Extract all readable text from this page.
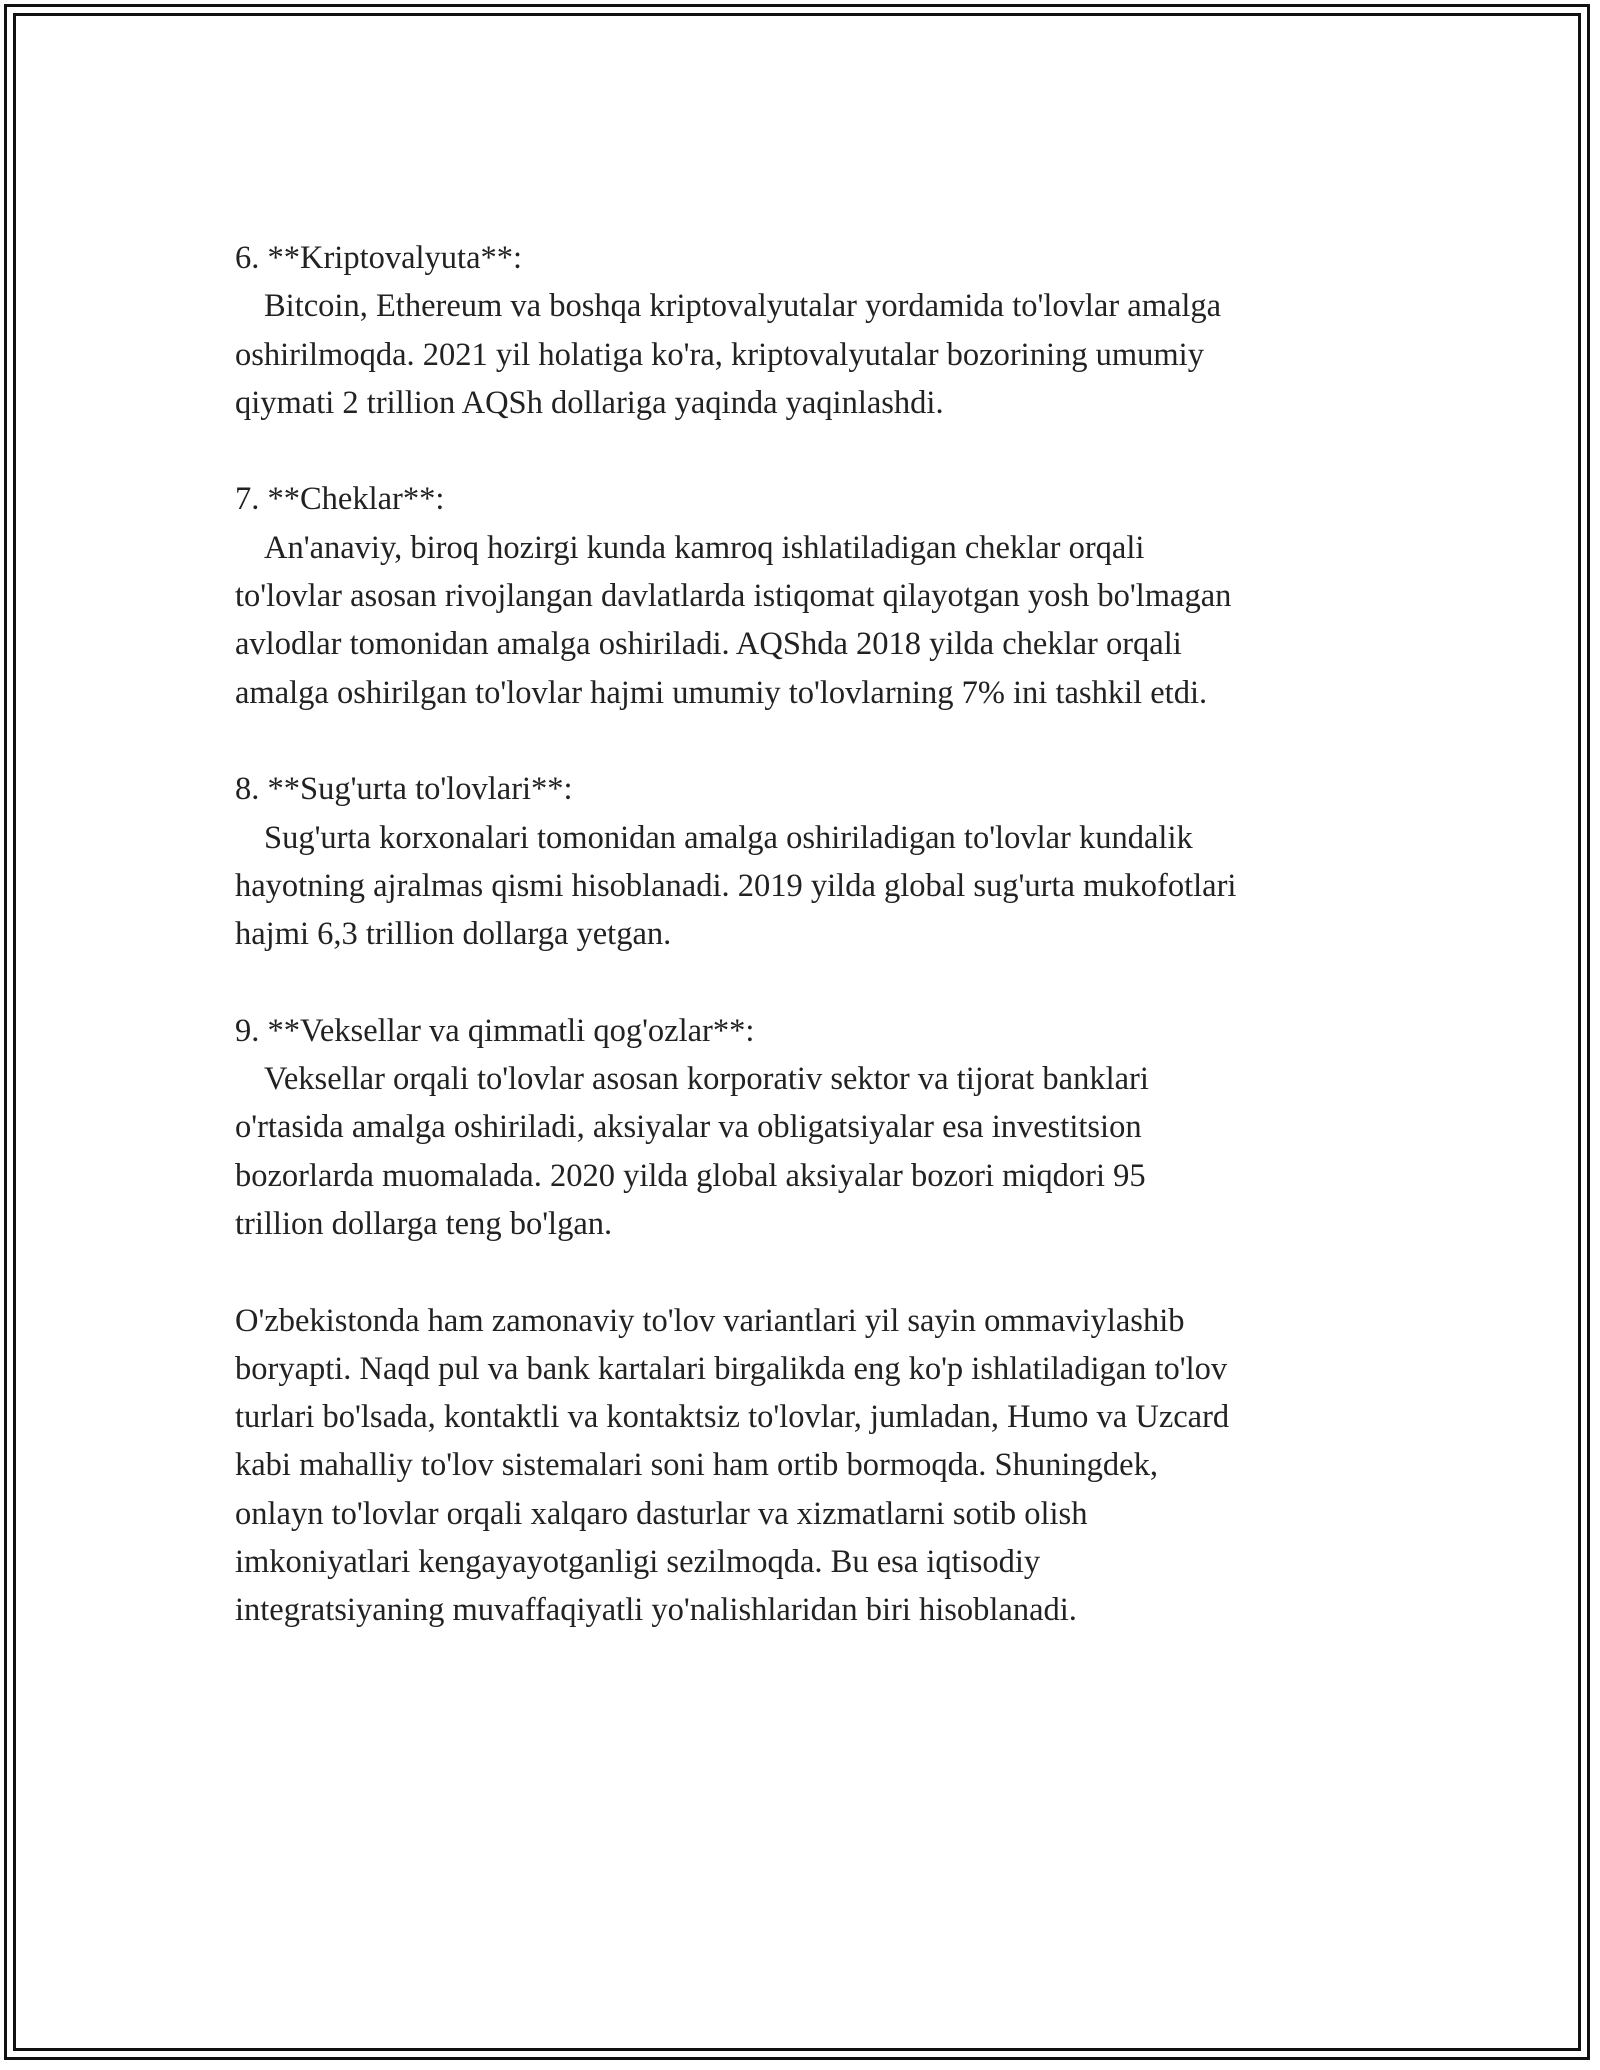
6. **Kriptovalyuta**:
Bitcoin, Ethereum va boshqa kriptovalyutalar yordamida to'lovlar amalga
oshirilmoqda. 2021 yil holatiga ko'ra, kriptovalyutalar bozorining umumiy
qiymati 2 trillion AQSh dollariga yaqinda yaqinlashdi.
7. **Cheklar**:
An'anaviy, biroq hozirgi kunda kamroq ishlatiladigan cheklar orqali
to'lovlar asosan rivojlangan davlatlarda istiqomat qilayotgan yosh bo'lmagan
avlodlar tomonidan amalga oshiriladi. AQShda 2018 yilda cheklar orqali
amalga oshirilgan to'lovlar hajmi umumiy to'lovlarning 7% ini tashkil etdi.
8. **Sug'urta to'lovlari**:
Sug'urta korxonalari tomonidan amalga oshiriladigan to'lovlar kundalik
hayotning ajralmas qismi hisoblanadi. 2019 yilda global sug'urta mukofotlari
hajmi 6,3 trillion dollarga yetgan.
9. **Veksellar va qimmatli qog'ozlar**:
Veksellar orqali to'lovlar asosan korporativ sektor va tijorat banklari
o'rtasida amalga oshiriladi, aksiyalar va obligatsiyalar esa investitsion
bozorlarda muomalada. 2020 yilda global aksiyalar bozori miqdori 95
trillion dollarga teng bo'lgan.
O'zbekistonda ham zamonaviy to'lov variantlari yil sayin ommaviylashib
boryapti. Naqd pul va bank kartalari birgalikda eng ko'p ishlatiladigan to'lov
turlari bo'lsada, kontaktli va kontaktsiz to'lovlar, jumladan, Humo va Uzcard
kabi mahalliy to'lov sistemalari soni ham ortib bormoqda. Shuningdek,
onlayn to'lovlar orqali xalqaro dasturlar va xizmatlarni sotib olish
imkoniyatlari kengayayotganligi sezilmoqda. Bu esa iqtisodiy
integratsiyaning muvaffaqiyatli yo'nalishlaridan biri hisoblanadi.
